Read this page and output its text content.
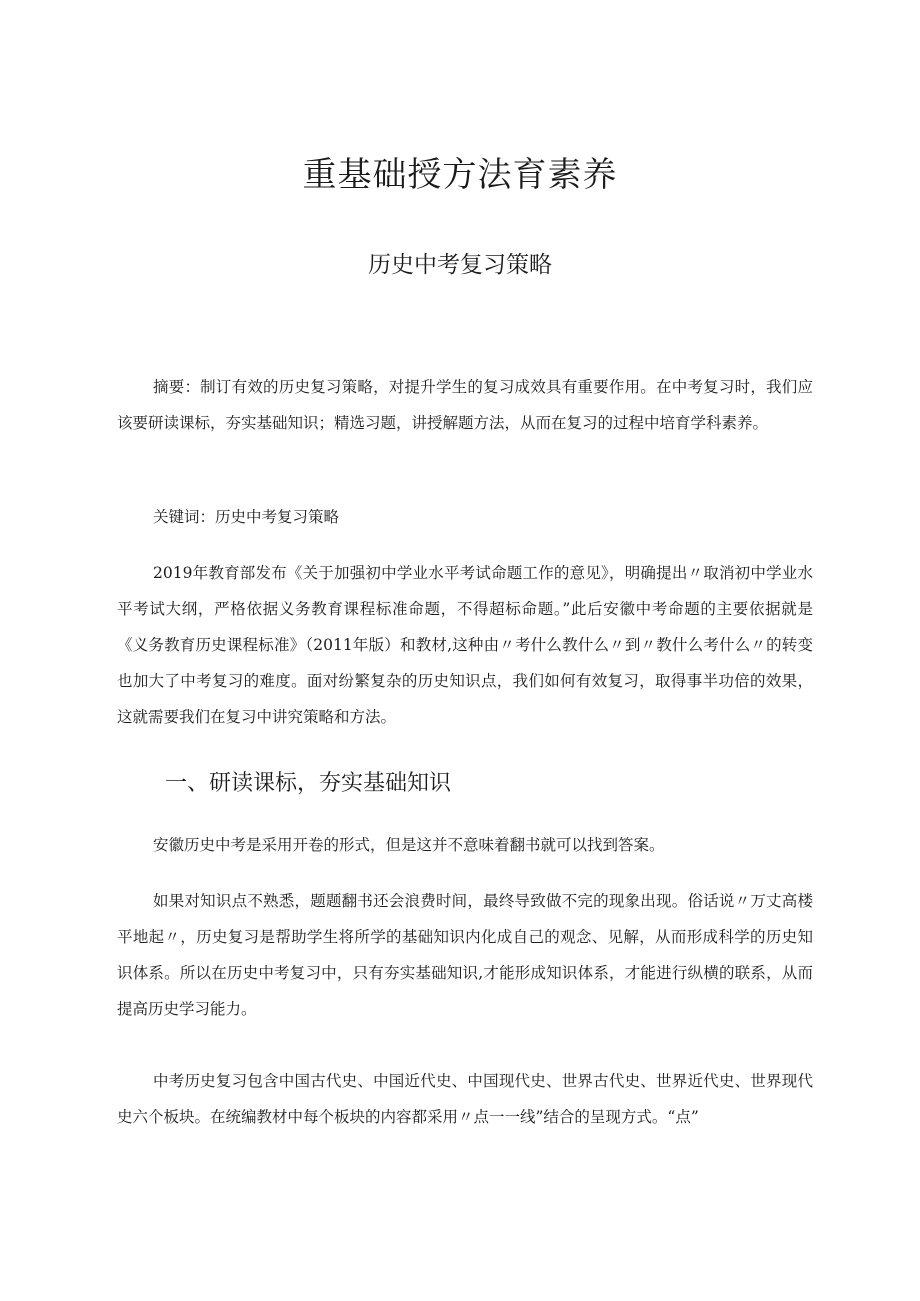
重基础授方法育素养
历史中考复习策略

摘要：制订有效的历史复习策略，对提升学生的复习成效具有重要作用。在中考复习时，我们应该要研读课标，夯实基础知识；精选习题，讲授解题方法，从而在复习的过程中培育学科素养。

关键词：历史中考复习策略

2019年教育部发布《关于加强初中学业水平考试命题工作的意见》，明确提出〃取消初中学业水平考试大纲，严格依据义务教育课程标准命题，不得超标命题。”此后安徽中考命题的主要依据就是《义务教育历史课程标准》（2011年版）和教材,这种由〃考什么教什么〃到〃教什么考什么〃的转变也加大了中考复习的难度。面对纷繁复杂的历史知识点，我们如何有效复习，取得事半功倍的效果，这就需要我们在复习中讲究策略和方法。

一、研读课标，夯实基础知识

安徽历史中考是采用开卷的形式，但是这并不意味着翻书就可以找到答案。

如果对知识点不熟悉，题题翻书还会浪费时间，最终导致做不完的现象出现。俗话说〃万丈高楼平地起〃，历史复习是帮助学生将所学的基础知识内化成自己的观念、见解，从而形成科学的历史知识体系。所以在历史中考复习中，只有夯实基础知识,才能形成知识体系，才能进行纵横的联系，从而提高历史学习能力。

中考历史复习包含中国古代史、中国近代史、中国现代史、世界古代史、世界近代史、世界现代史六个板块。在统编教材中每个板块的内容都采用〃点一一线”结合的呈现方式。“点”
